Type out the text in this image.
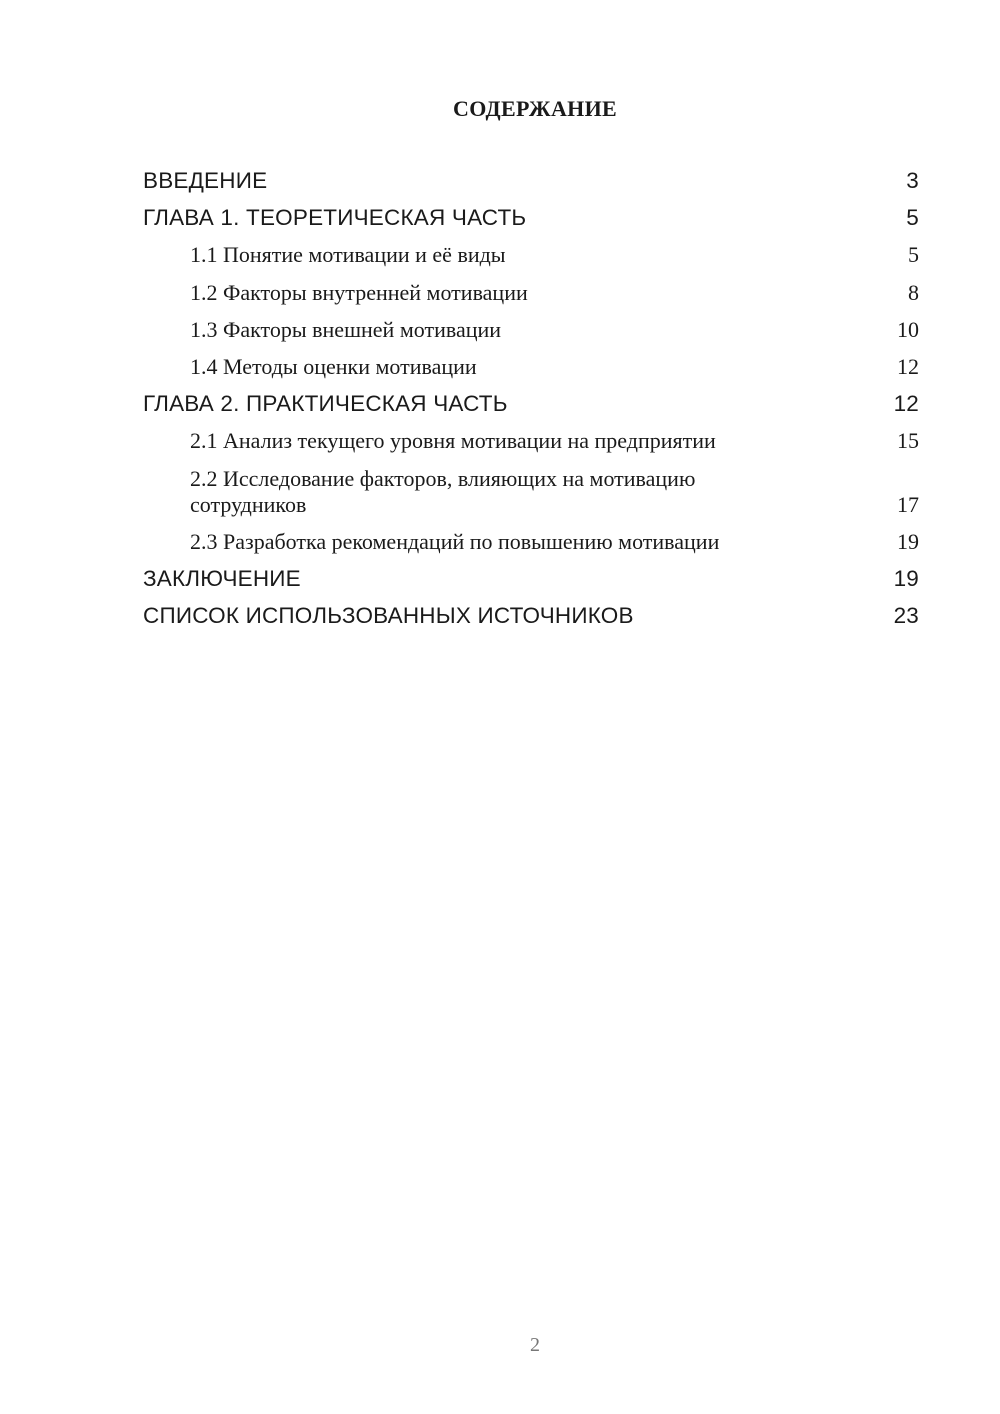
СОДЕРЖАНИЕ
ВВЕДЕНИЕ	3
ГЛАВА 1. ТЕОРЕТИЧЕСКАЯ ЧАСТЬ	5
1.1 Понятие мотивации и её виды	5
1.2 Факторы внутренней мотивации	8
1.3 Факторы внешней мотивации	10
1.4 Методы оценки мотивации	12
ГЛАВА 2. ПРАКТИЧЕСКАЯ ЧАСТЬ	12
2.1 Анализ текущего уровня мотивации на предприятии	15
2.2 Исследование факторов, влияющих на мотивацию сотрудников	17
2.3 Разработка рекомендаций по повышению мотивации	19
ЗАКЛЮЧЕНИЕ	19
СПИСОК ИСПОЛЬЗОВАННЫХ ИСТОЧНИКОВ	23
2
